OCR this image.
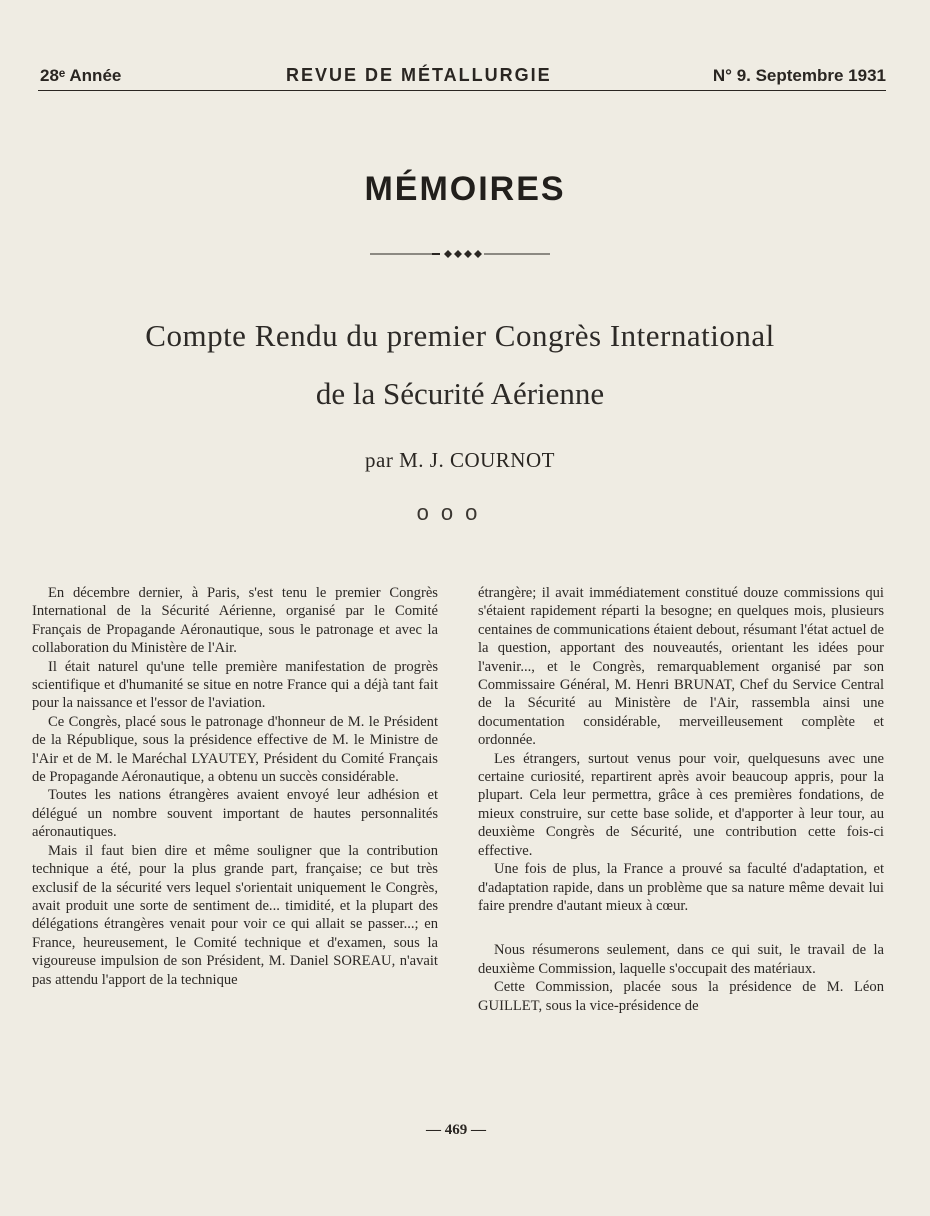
28ᵉ Année	REVUE DE MÉTALLURGIE	N° 9. Septembre 1931
MÉMOIRES
Compte Rendu du premier Congrès International
de la Sécurité Aérienne
par M. J. COURNOT
ooo

En décembre dernier, à Paris, s'est tenu le premier Congrès International de la Sécurité Aérienne, organisé par le Comité Français de Propagande Aéronautique, sous le patronage et avec la collaboration du Ministère de l'Air.

Il était naturel qu'une telle première manifestation de progrès scientifique et d'humanité se situe en notre France qui a déjà tant fait pour la naissance et l'essor de l'aviation.

Ce Congrès, placé sous le patronage d'honneur de M. le Président de la République, sous la présidence effective de M. le Ministre de l'Air et de M. le Maréchal LYAUTEY, Président du Comité Français de Propagande Aéronautique, a obtenu un succès considérable.

Toutes les nations étrangères avaient envoyé leur adhésion et délégué un nombre souvent important de hautes personnalités aéronautiques.

Mais il faut bien dire et même souligner que la contribution technique a été, pour la plus grande part, française; ce but très exclusif de la sécurité vers lequel s'orientait uniquement le Congrès, avait produit une sorte de sentiment de... timidité, et la plupart des délégations étrangères venait pour voir ce qui allait se passer...; en France, heureusement, le Comité technique et d'examen, sous la vigoureuse impulsion de son Président, M. Daniel SOREAU, n'avait pas attendu l'apport de la technique

étrangère; il avait immédiatement constitué douze commissions qui s'étaient rapidement réparti la besogne; en quelques mois, plusieurs centaines de communications étaient debout, résumant l'état actuel de la question, apportant des nouveautés, orientant les idées pour l'avenir..., et le Congrès, remarquablement organisé par son Commissaire Général, M. Henri BRUNAT, Chef du Service Central de la Sécurité au Ministère de l'Air, rassembla ainsi une documentation considérable, merveilleusement complète et ordonnée.

Les étrangers, surtout venus pour voir, quelquesuns avec une certaine curiosité, repartirent après avoir beaucoup appris, pour la plupart. Cela leur permettra, grâce à ces premières fondations, de mieux construire, sur cette base solide, et d'apporter à leur tour, au deuxième Congrès de Sécurité, une contribution cette fois-ci effective.

Une fois de plus, la France a prouvé sa faculté d'adaptation, et d'adaptation rapide, dans un problème que sa nature même devait lui faire prendre d'autant mieux à cœur.

Nous résumerons seulement, dans ce qui suit, le travail de la deuxième Commission, laquelle s'occupait des matériaux.

Cette Commission, placée sous la présidence de M. Léon GUILLET, sous la vice-présidence de

— 469 —
